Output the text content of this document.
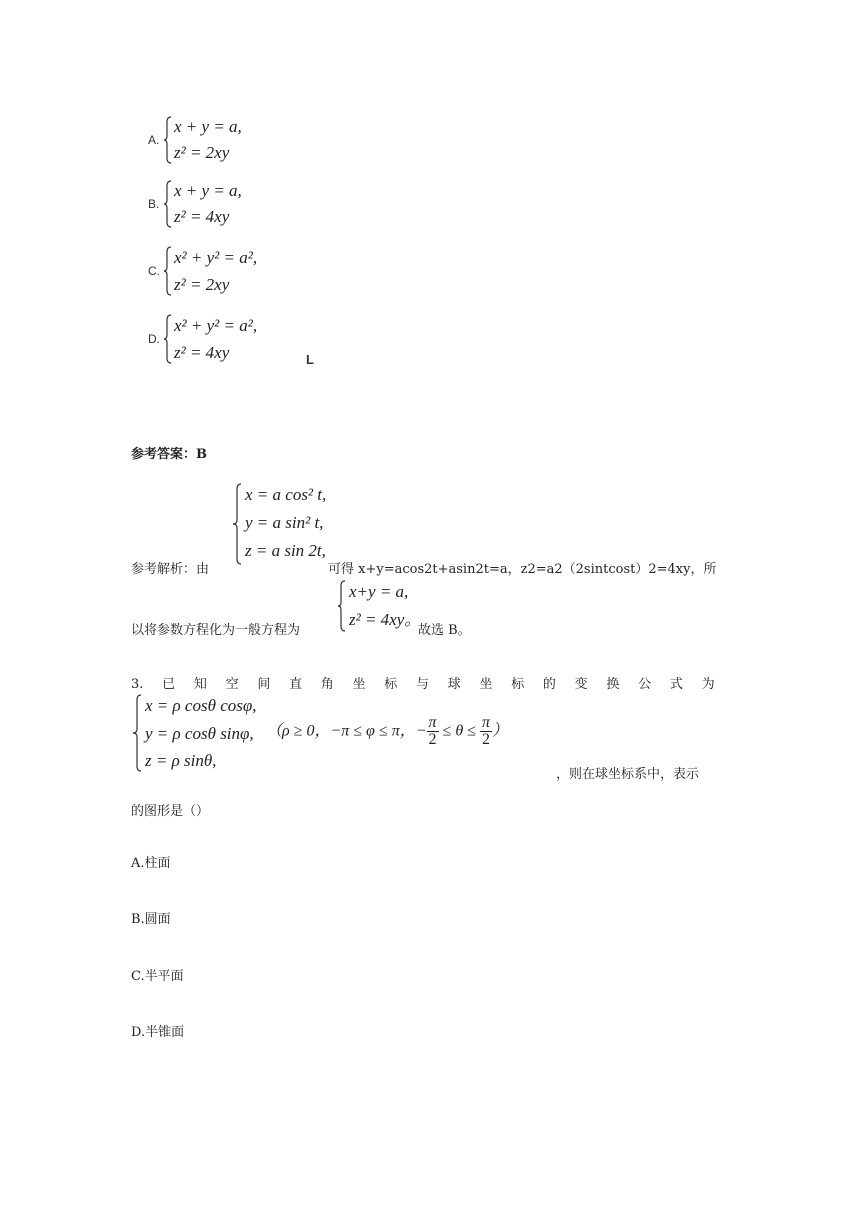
A.
x + y = a,
z² = 2xy
B.
x + y = a,
z² = 4xy
C.
x² + y² = a²,
z² = 2xy
D.
x² + y² = a²,
z² = 4xy	L
参考答案：B
x = a cos² t,
y = a sin² t,
z = a sin 2t,
参考解析：由	可得 x+y=acos2t+asin2t=a，z2=a2（2sintcost）2=4xy，所
x+y = a,
z² = 4xy。
以将参数方程化为一般方程为	故选 B。
3. 已 知 空 间 直 角 坐 标 与 球 坐 标 的 变 换 公 式 为
x = ρ cosθ cosφ,
y = ρ cosθ sinφ,
z = ρ sinθ,
（ρ ≥ 0，−π ≤ φ ≤ π，− $\frac{\pi}{2} \le \theta \le \frac{\pi}{2}$ ）
，则在球坐标系中，表示
的图形是（）
A.柱面
B.圆面
C.半平面
D.半锥面
